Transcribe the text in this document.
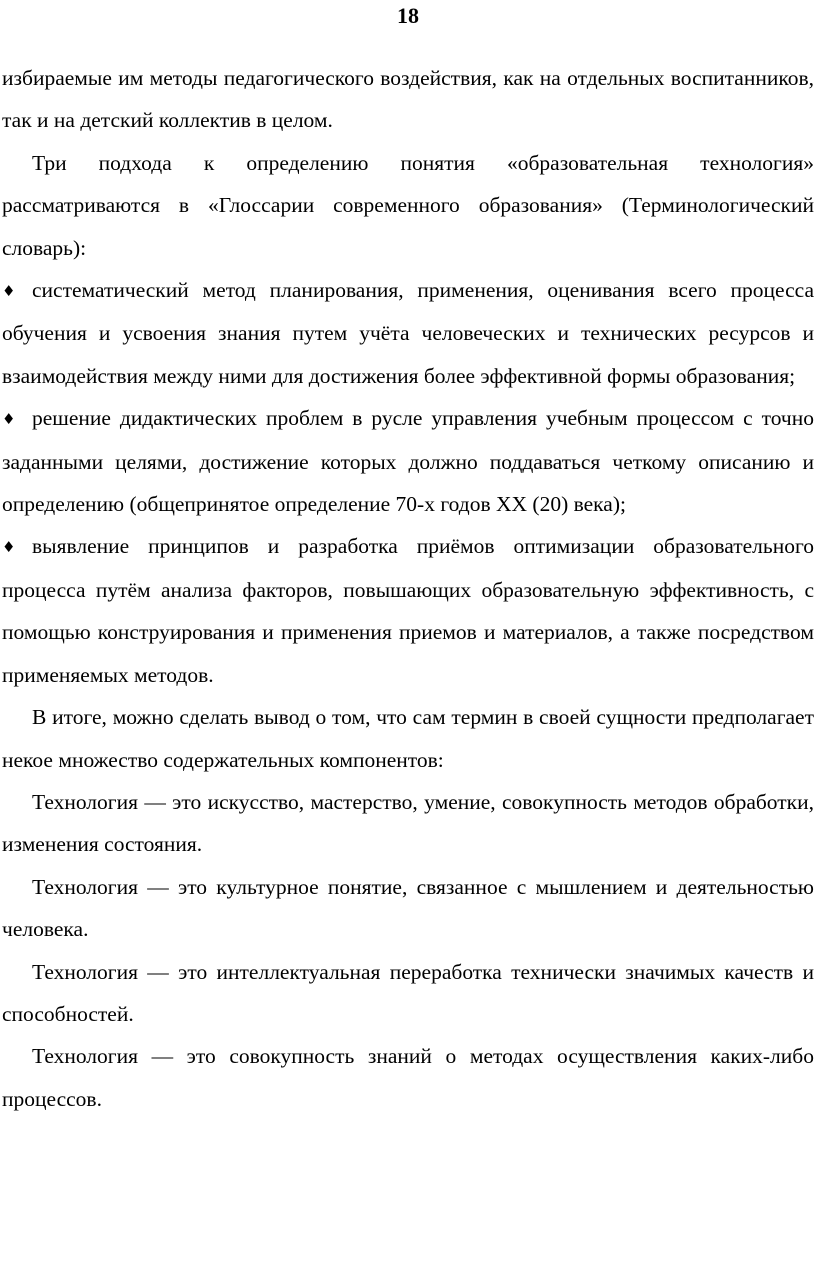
18

избираемые им методы педагогического воздействия, как на отдельных воспитанников, так и на детский коллектив в целом.

Три подхода к определению понятия «образовательная технология» рассматриваются в «Глоссарии современного образования» (Терминологический словарь):

♦ систематический метод планирования, применения, оценивания всего процесса обучения и усвоения знания путем учёта человеческих и технических ресурсов и взаимодействия между ними для достижения более эффективной формы образования;

♦ решение дидактических проблем в русле управления учебным процессом с точно заданными целями, достижение которых должно поддаваться четкому описанию и определению (общепринятое определение 70-х годов XX (20) века);

♦ выявление принципов и разработка приёмов оптимизации образовательного процесса путём анализа факторов, повышающих образовательную эффективность, с помощью конструирования и применения приемов и материалов, а также посредством применяемых методов.

В итоге, можно сделать вывод о том, что сам термин в своей сущности предполагает некое множество содержательных компонентов:

Технология — это искусство, мастерство, умение, совокупность методов обработки, изменения состояния.

Технология — это культурное понятие, связанное с мышлением и деятельностью человека.

Технология — это интеллектуальная переработка технически значимых качеств и способностей.

Технология — это совокупность знаний о методах осуществления каких-либо процессов.
